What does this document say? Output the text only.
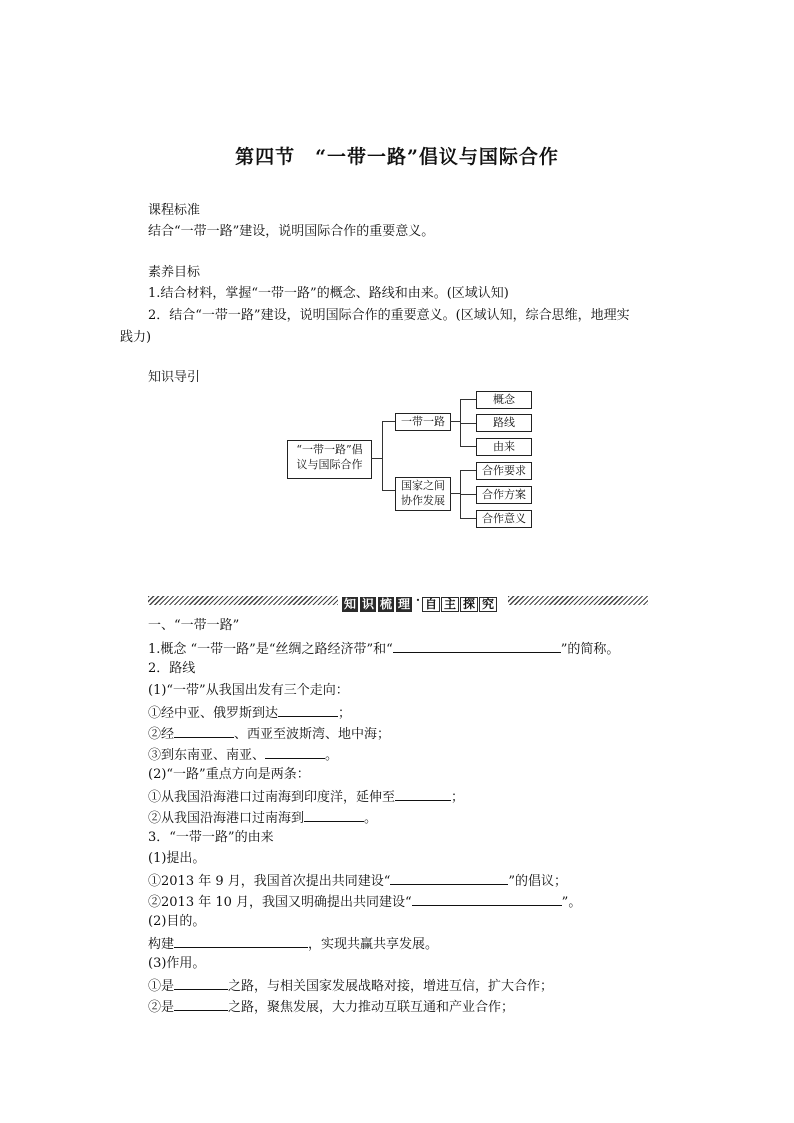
第四节　“一带一路”倡议与国际合作
课程标准
结合“一带一路”建设，说明国际合作的重要意义。
素养目标
1.结合材料，掌握“一带一路”的概念、路线和由来。(区域认知)
2．结合“一带一路”建设，说明国际合作的重要意义。(区域认知，综合思维，地理实
践力)
知识导引
“一带一路”倡
议与国际合作
一带一路
概念
路线
由来
国家之间
协作发展
合作要求
合作方案
合作意义
知 识 梳 理 · 自 主 探 究
一、“一带一路”
1.概念 “一带一路”是“丝绸之路经济带”和“	”的简称。
2．路线
(1)“一带”从我国出发有三个走向：
①经中亚、俄罗斯到达	；
②经	、西亚至波斯湾、地中海；
③到东南亚、南亚、	。
(2)“一路”重点方向是两条：
①从我国沿海港口过南海到印度洋，延伸至	；
②从我国沿海港口过南海到	。
3．“一带一路”的由来
(1)提出。
①2013 年 9 月，我国首次提出共同建设“	”的倡议；
②2013 年 10 月，我国又明确提出共同建设“	”。
(2)目的。
构建	，实现共赢共享发展。
(3)作用。
①是	之路，与相关国家发展战略对接，增进互信，扩大合作；
②是	之路，聚焦发展，大力推动互联互通和产业合作；
